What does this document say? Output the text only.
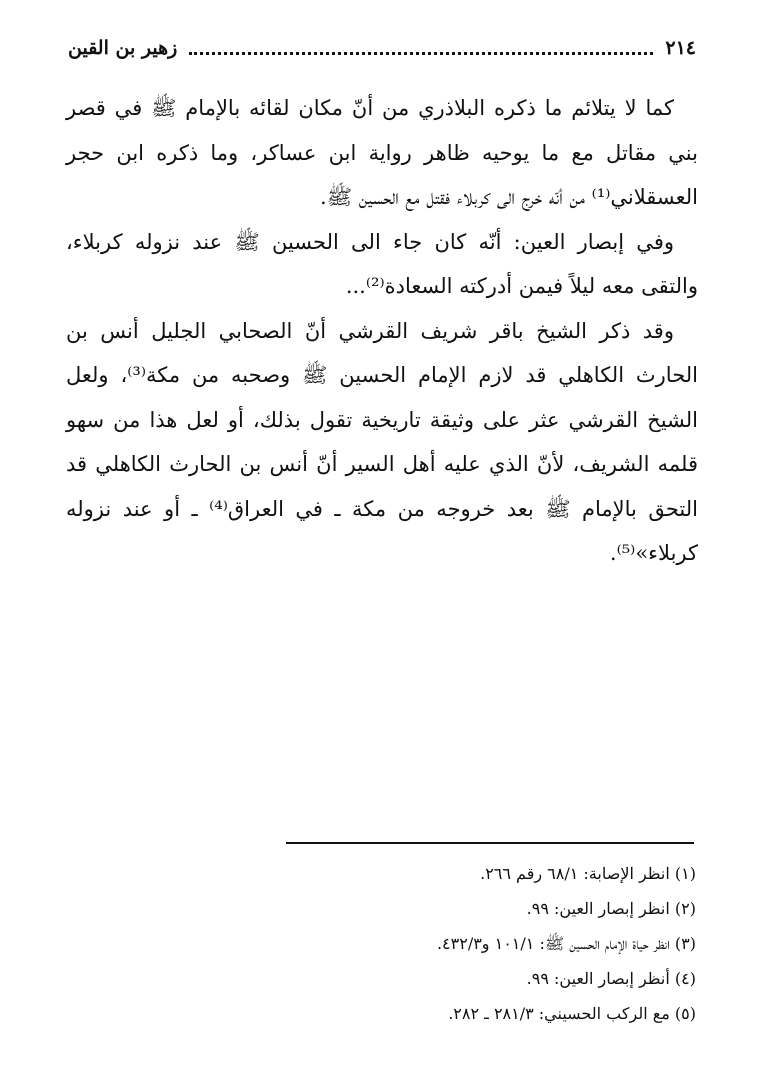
زهير بن القين	٢١٤

كما لا يتلائم ما ذكره البلاذري من أنّ مكان لقائه بالإمام ﷺ في قصر بني مقاتل مع ما يوحيه ظاهر رواية ابن عساكر، وما ذكره ابن حجر العسقلاني⁽¹⁾ من أنّه خرج الى كربلاء فقتل مع الحسين ﷺ.

وفي إبصار العين: أنّه كان جاء الى الحسين ﷺ عند نزوله كربلاء، والتقى معه ليلاً فيمن أدركته السعادة⁽²⁾...

وقد ذكر الشيخ باقر شريف القرشي أنّ الصحابي الجليل أنس بن الحارث الكاهلي قد لازم الإمام الحسين ﷺ وصحبه من مكة⁽³⁾، ولعل الشيخ القرشي عثر على وثيقة تاريخية تقول بذلك، أو لعل هذا من سهو قلمه الشريف، لأنّ الذي عليه أهل السير أنّ أنس بن الحارث الكاهلي قد التحق بالإمام ﷺ بعد خروجه من مكة ـ في العراق⁽⁴⁾ ـ أو عند نزوله كربلاء»⁽⁵⁾.

(١) انظر الإصابة: ٦٨/١ رقم ٢٦٦.

(٢) انظر إبصار العين: ٩٩.

(٣) انظر حياة الإمام الحسين ﷺ: ١٠١/١ و٤٣٢/٣.

(٤) أنظر إبصار العين: ٩٩.

(٥) مع الركب الحسيني: ٢٨١/٣ ـ ٢٨٢.
